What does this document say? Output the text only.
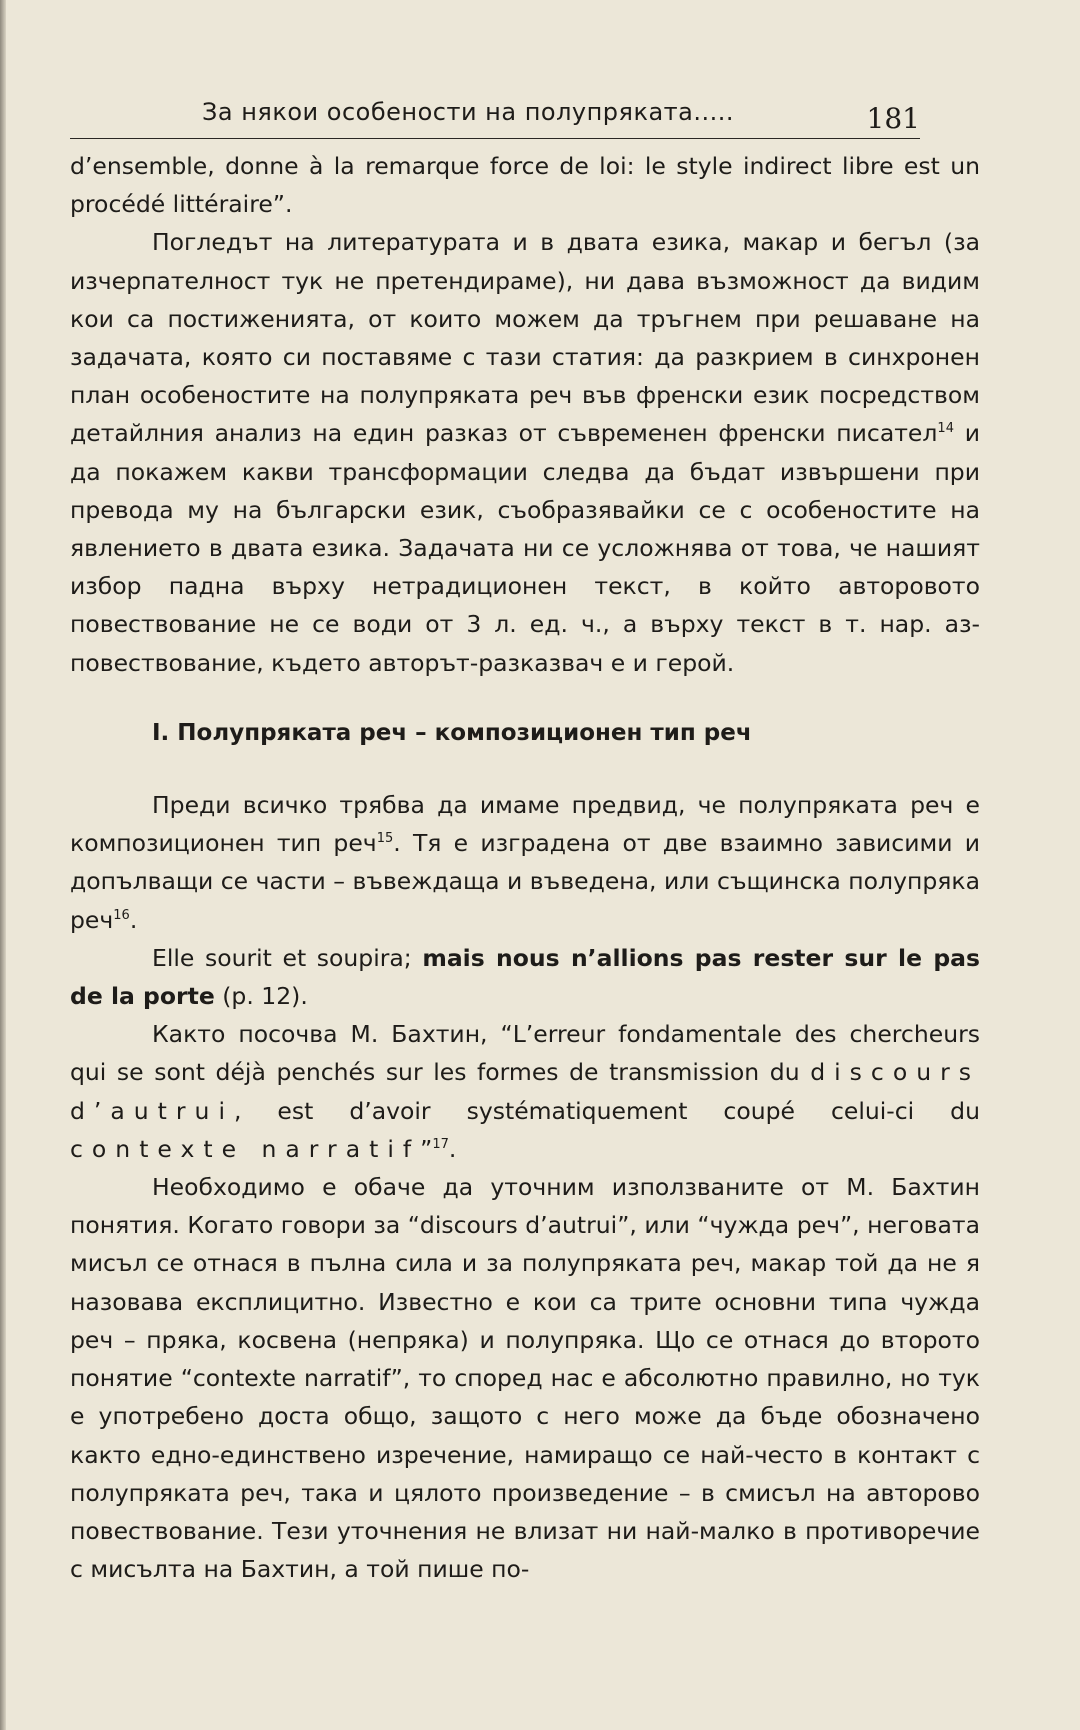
За някои особености на полупряката.....	181

d’ensemble, donne à la remarque force de loi: le style indirect libre est un procédé littéraire”.

Погледът на литературата и в двата езика, макар и бегъл (за изчерпателност тук не претендираме), ни дава възможност да видим кои са постиженията, от които можем да тръгнем при решаване на задачата, която си поставяме с тази статия: да разкрием в синхронен план особеностите на полупряката реч във френски език посредством детайлния анализ на един разказ от съвременен френски писател$^{14}$ и да покажем какви трансформации следва да бъдат извършени при превода му на български език, съобразявайки се с особеностите на явлението в двата езика. Задачата ни се усложнява от това, че нашият избор падна върху нетрадиционен текст, в който авторовото повествование не се води от 3 л. ед. ч., а върху текст в т. нар. аз-повествование, където авторът-разказвач е и герой.

I. Полупряката реч – композиционен тип реч

Преди всичко трябва да имаме предвид, че полупряката реч е композиционен тип реч$^{15}$. Тя е изградена от две взаимно зависими и допълващи се части – въвеждаща и въведена, или същинска полупряка реч$^{16}$.

Elle sourit et soupira; mais nous n’allions pas rester sur le pas de la porte (p. 12).

Както посочва М. Бахтин, “L’erreur fondamentale des chercheurs qui se sont déjà penchés sur les formes de transmission du discours d’autrui, est d’avoir systématiquement coupé celui-ci du contexte narratif”$^{17}$.

Необходимо е обаче да уточним използваните от М. Бахтин понятия. Когато говори за “discours d’autrui”, или “чужда реч”, неговата мисъл се отнася в пълна сила и за полупряката реч, макар той да не я назовава експлицитно. Известно е кои са трите основни типа чужда реч – пряка, косвена (непряка) и полупряка. Що се отнася до второто понятие “contexte narratif”, то според нас е абсолютно правилно, но тук е употребено доста общо, защото с него може да бъде обозначено както едно-единствено изречение, намиращо се най-често в контакт с полупряката реч, така и цялото произведение – в смисъл на авторово повествование. Тези уточнения не влизат ни най-малко в противоречие с мисълта на Бахтин, а той пише по-
